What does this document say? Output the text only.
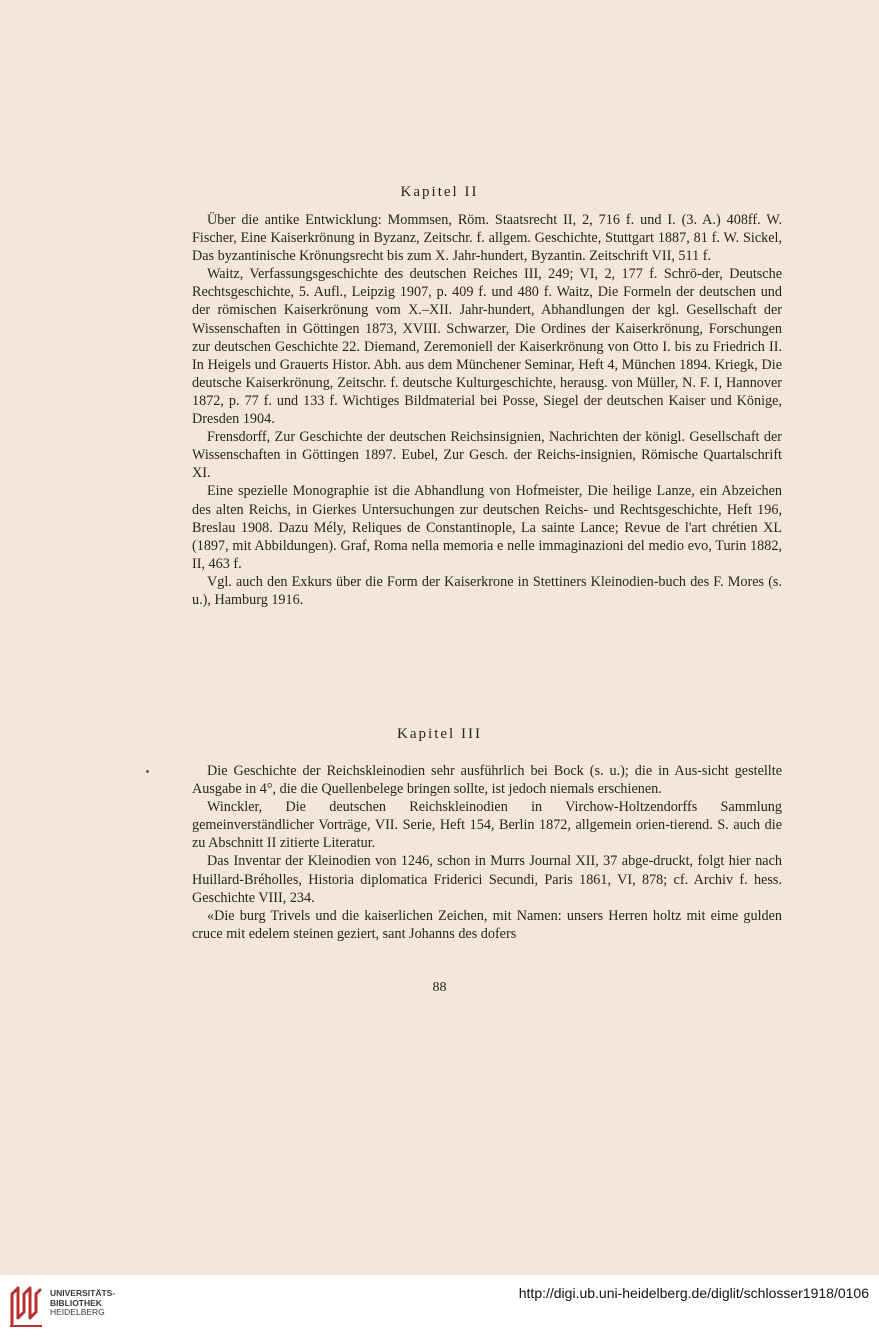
Kapitel II

Über die antike Entwicklung: Mommsen, Röm. Staatsrecht II, 2, 716 f. und I. (3. A.) 408ff. W. Fischer, Eine Kaiserkrönung in Byzanz, Zeitschr. f. allgem. Geschichte, Stuttgart 1887, 81 f. W. Sickel, Das byzantinische Krönungsrecht bis zum X. Jahr-hundert, Byzantin. Zeitschrift VII, 511 f.

Waitz, Verfassungsgeschichte des deutschen Reiches III, 249; VI, 2, 177 f. Schrö-der, Deutsche Rechtsgeschichte, 5. Aufl., Leipzig 1907, p. 409 f. und 480 f. Waitz, Die Formeln der deutschen und der römischen Kaiserkrönung vom X.–XII. Jahr-hundert, Abhandlungen der kgl. Gesellschaft der Wissenschaften in Göttingen 1873, XVIII. Schwarzer, Die Ordines der Kaiserkrönung, Forschungen zur deutschen Geschichte 22. Diemand, Zeremoniell der Kaiserkrönung von Otto I. bis zu Friedrich II. In Heigels und Grauerts Histor. Abh. aus dem Münchener Seminar, Heft 4, München 1894. Kriegk, Die deutsche Kaiserkrönung, Zeitschr. f. deutsche Kulturgeschichte, herausg. von Müller, N. F. I, Hannover 1872, p. 77 f. und 133 f. Wichtiges Bildmaterial bei Posse, Siegel der deutschen Kaiser und Könige, Dresden 1904.

Frensdorff, Zur Geschichte der deutschen Reichsinsignien, Nachrichten der königl. Gesellschaft der Wissenschaften in Göttingen 1897. Eubel, Zur Gesch. der Reichs-insignien, Römische Quartalschrift XI.

Eine spezielle Monographie ist die Abhandlung von Hofmeister, Die heilige Lanze, ein Abzeichen des alten Reichs, in Gierkes Untersuchungen zur deutschen Reichs- und Rechtsgeschichte, Heft 196, Breslau 1908. Dazu Mély, Reliques de Constantinople, La sainte Lance; Revue de l'art chrétien XL (1897, mit Abbildungen). Graf, Roma nella memoria e nelle immaginazioni del medio evo, Turin 1882, II, 463 f.

Vgl. auch den Exkurs über die Form der Kaiserkrone in Stettiners Kleinodien-buch des F. Mores (s. u.), Hamburg 1916.

Kapitel III

Die Geschichte der Reichskleinodien sehr ausführlich bei Bock (s. u.); die in Aus-sicht gestellte Ausgabe in 4°, die die Quellenbelege bringen sollte, ist jedoch niemals erschienen.

Winckler, Die deutschen Reichskleinodien in Virchow-Holtzendorffs Sammlung gemeinverständlicher Vorträge, VII. Serie, Heft 154, Berlin 1872, allgemein orien-tierend. S. auch die zu Abschnitt II zitierte Literatur.

Das Inventar der Kleinodien von 1246, schon in Murrs Journal XII, 37 abge-druckt, folgt hier nach Huillard-Bréholles, Historia diplomatica Friderici Secundi, Paris 1861, VI, 878; cf. Archiv f. hess. Geschichte VIII, 234.

«Die burg Trivels und die kaiserlichen Zeichen, mit Namen: unsers Herren holtz mit eime gulden cruce mit edelem steinen geziert, sant Johanns des dofers

88
UNIVERSITÄTS-
BIBLIOTHEK
HEIDELBERG
http://digi.ub.uni-heidelberg.de/diglit/schlosser1918/0106
